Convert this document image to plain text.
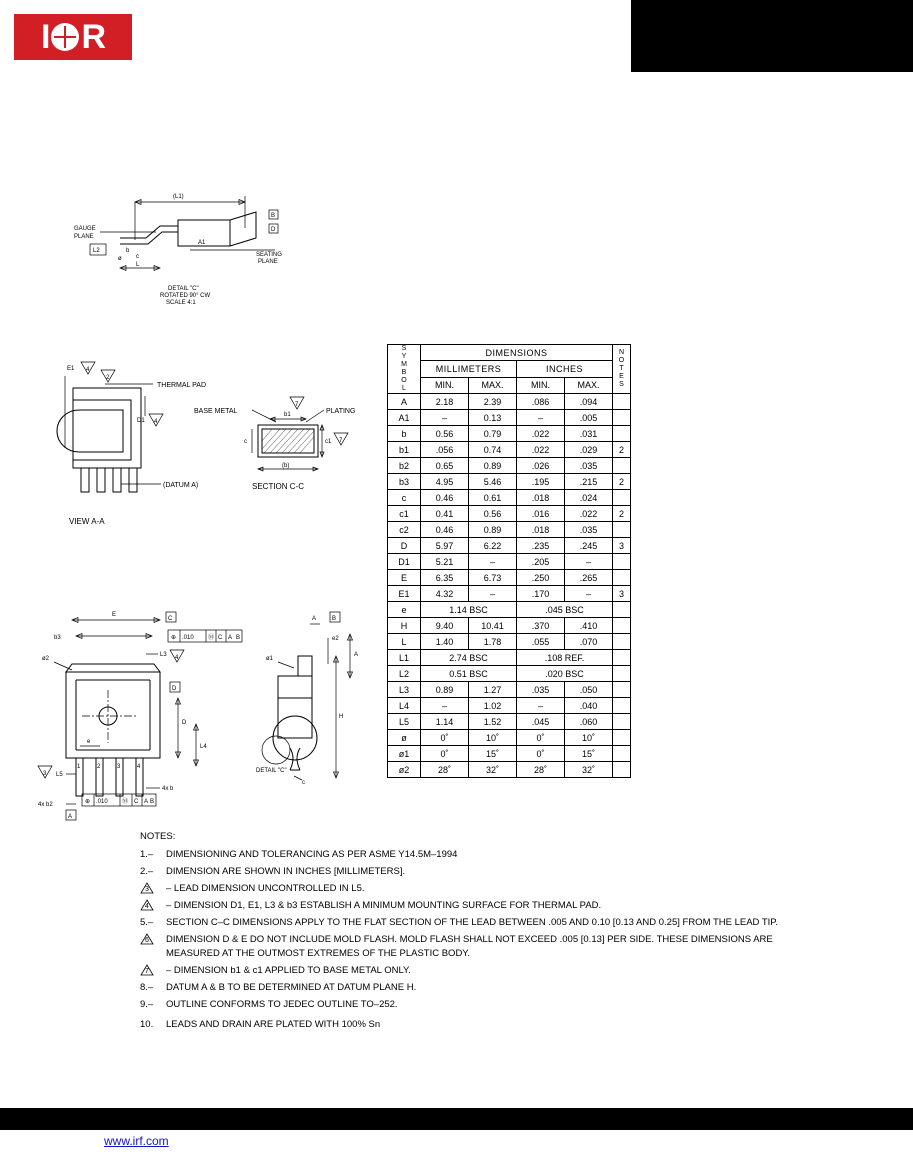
I R
(L1)
GAUGE
PLANE
L2
ø
b
c
L
A1
D
B
SEATING
PLANE
DETAIL "C"
ROTATED 90° CW
SCALE 4:1
E1 4
THERMAL PAD
2
4
D1
(DATUM A)
VIEW A-A
BASE METAL	PLATING
7
b1
c1 7
c
(b)
SECTION C-C
E
C
b3	⊕ .010 Ⓜ C A B
L3 4
ø2
D
D
L4
1	2	3	4
e
3 L5
4x b
4x b2
A
⊕ .010 Ⓜ C A B
A	B
e2
A
ø1
H
c
DETAIL "C"
S
Y
M
B
O
L
	DIMENSIONS	N
O
T
E
S

	MILLIMETERS		INCHES		
	MIN.	MAX.	MIN.	MAX.	
A	2.18	2.39	.086	.094	
A1	–	0.13	–	.005	
b	0.56	0.79	.022	.031	
b1	.056	0.74	.022	.029	2
b2	0.65	0.89	.026	.035	
b3	4.95	5.46	.195	.215	2
c	0.46	0.61	.018	.024	
c1	0.41	0.56	.016	.022	2
c2	0.46	0.89	.018	.035	
D	5.97	6.22	.235	.245	3
D1	5.21	–	.205	–	
E	6.35	6.73	.250	.265	
E1	4.32	–	.170	–	3
e	1.14 BSC		.045 BSC		
H	9.40	10.41	.370	.410	
L	1.40	1.78	.055	.070	
L1	2.74 BSC		.108 REF.		
L2	0.51 BSC		.020 BSC		
L3	0.89	1.27	.035	.050	
L4	–	1.02	–	.040	
L5	1.14	1.52	.045	.060	
ø	0˚	10˚	0˚	10˚	
ø1	0˚	15˚	0˚	15˚	
ø2	28˚	32˚	28˚	32˚	
NOTES:
1.–	DIMENSIONING AND TOLERANCING AS PER ASME Y14.5M–1994
2.–	DIMENSION ARE SHOWN IN INCHES [MILLIMETERS].
3	– LEAD DIMENSION UNCONTROLLED IN L5.
4	– DIMENSION D1, E1, L3 & b3 ESTABLISH A MINIMUM MOUNTING SURFACE FOR THERMAL PAD.
5.–	SECTION C–C DIMENSIONS APPLY TO THE FLAT SECTION OF THE LEAD BETWEEN .005 AND 0.10 [0.13 AND 0.25] FROM THE LEAD TIP.
6	DIMENSION D & E DO NOT INCLUDE MOLD FLASH. MOLD FLASH SHALL NOT EXCEED .005 [0.13] PER SIDE. THESE DIMENSIONS ARE MEASURED AT THE OUTMOST EXTREMES OF THE PLASTIC BODY.
7	– DIMENSION b1 & c1 APPLIED TO BASE METAL ONLY.
8.–	DATUM A & B TO BE DETERMINED AT DATUM PLANE H.
9.–	OUTLINE CONFORMS TO JEDEC OUTLINE TO–252.
10.	LEADS AND DRAIN ARE PLATED WITH 100% Sn
www.irf.com
